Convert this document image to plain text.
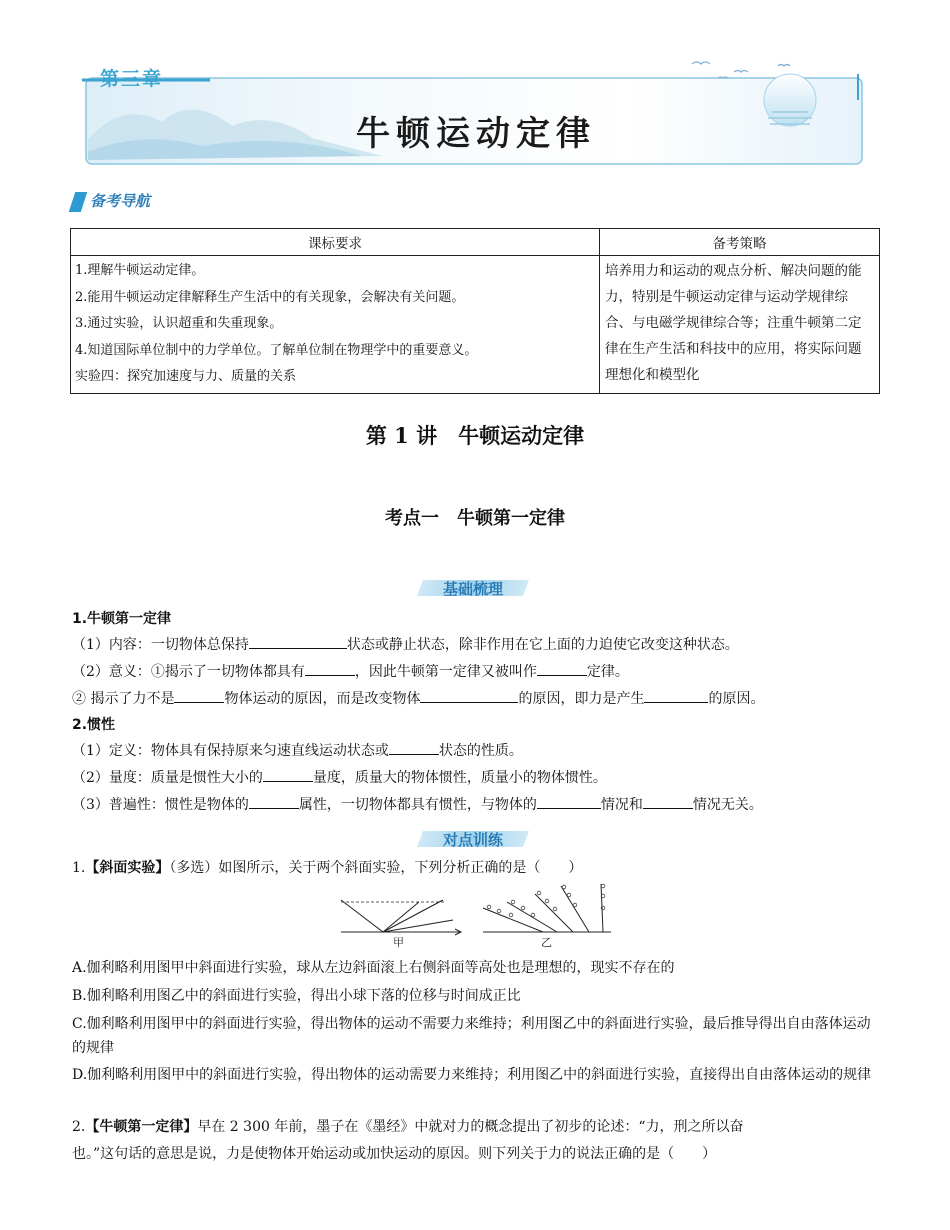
第三章
牛顿运动定律
备考导航
课标要求	备考策略

1.理解牛顿运动定律。
2.能用牛顿运动定律解释生产生活中的有关现象，会解决有关问题。
3.通过实验，认识超重和失重现象。
4.知道国际单位制中的力学单位。了解单位制在物理学中的重要意义。
实验四：探究加速度与力、质量的关系	培养用力和运动的观点分析、解决问题的能力，特别是牛顿运动定律与运动学规律综合、与电磁学规律综合等；注重牛顿第二定律在生产生活和科技中的应用，将实际问题理想化和模型化
第 1 讲　牛顿运动定律
考点一　牛顿第一定律
基础梳理
1.牛顿第一定律
（1）内容：一切物体总保持	状态或静止状态，除非作用在它上面的力迫使它改变这种状态。
（2）意义：①揭示了一切物体都具有	，因此牛顿第一定律又被叫作	定律。
② 揭示了力不是	物体运动的原因，而是改变物体	的原因，即力是产生	的原因。
2.惯性
（1）定义：物体具有保持原来匀速直线运动状态或	状态的性质。
（2）量度：质量是惯性大小的	量度，质量大的物体惯性，质量小的物体惯性。
（3）普遍性：惯性是物体的	属性，一切物体都具有惯性，与物体的	情况和	情况无关。
对点训练
1.【斜面实验】（多选）如图所示，关于两个斜面实验，下列分析正确的是（　　）
甲	乙
A.伽利略利用图甲中斜面进行实验，球从左边斜面滚上右侧斜面等高处也是理想的，现实不存在的
B.伽利略利用图乙中的斜面进行实验，得出小球下落的位移与时间成正比
C.伽利略利用图甲中的斜面进行实验，得出物体的运动不需要力来维持；利用图乙中的斜面进行实验，最后推导得出自由落体运动的规律
D.伽利略利用图甲中的斜面进行实验，得出物体的运动需要力来维持；利用图乙中的斜面进行实验，直接得出自由落体运动的规律
2.【牛顿第一定律】早在 2 300 年前，墨子在《墨经》中就对力的概念提出了初步的论述：“力，刑之所以奋
也。”这句话的意思是说，力是使物体开始运动或加快运动的原因。则下列关于力的说法正确的是（　　）
